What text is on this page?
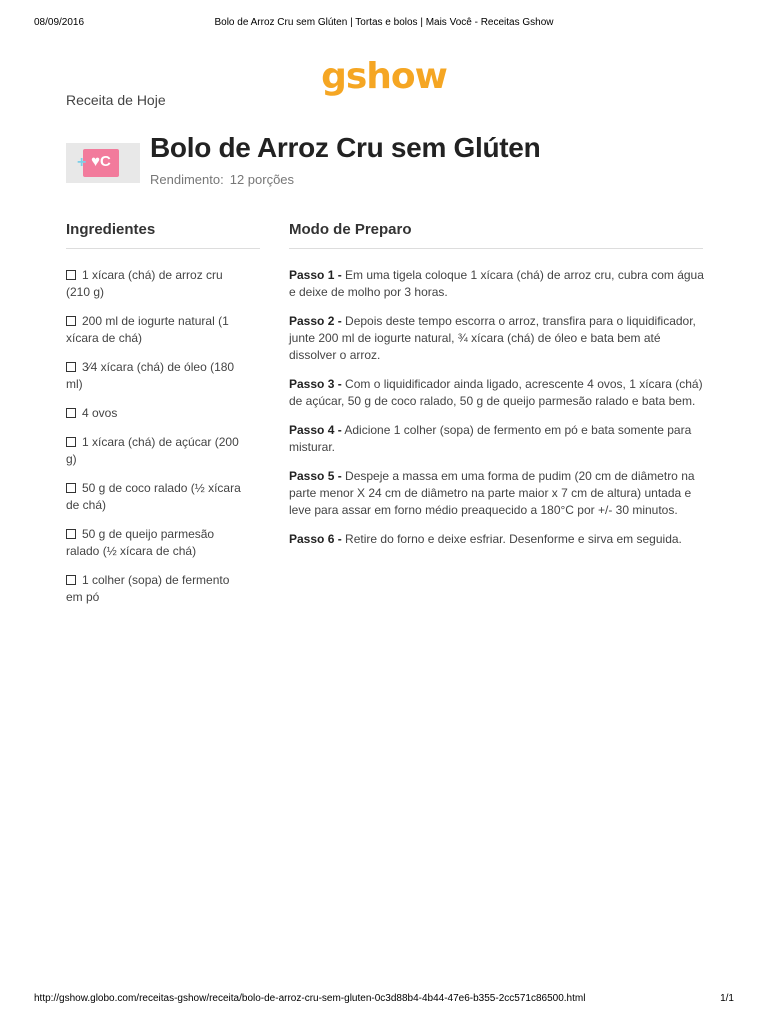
08/09/2016	Bolo de Arroz Cru sem Glúten | Tortas e bolos | Mais Você - Receitas Gshow
gshow
Receita de Hoje
♥C
+ Bolo de Arroz Cru sem Glúten
Rendimento: 12 porções
Ingredientes	Modo de Preparo
1 xícara (chá) de arroz cru (210 g)
200 ml de iogurte natural (1 xícara de chá)
3⁄4 xícara (chá) de óleo (180 ml)
4 ovos
1 xícara (chá) de açúcar (200 g)
50 g de coco ralado (½ xícara de chá)
50 g de queijo parmesão ralado (½ xícara de chá)
1 colher (sopa) de fermento em pó

Passo 1 - Em uma tigela coloque 1 xícara (chá) de arroz cru, cubra com água e deixe de molho por 3 horas.

Passo 2 - Depois deste tempo escorra o arroz, transfira para o liquidificador, junte 200 ml de iogurte natural, ¾ xícara (chá) de óleo e bata bem até dissolver o arroz.

Passo 3 - Com o liquidificador ainda ligado, acrescente 4 ovos, 1 xícara (chá) de açúcar, 50 g de coco ralado, 50 g de queijo parmesão ralado e bata bem.

Passo 4 - Adicione 1 colher (sopa) de fermento em pó e bata somente para misturar.

Passo 5 - Despeje a massa em uma forma de pudim (20 cm de diâmetro na parte menor X 24 cm de diâmetro na parte maior x 7 cm de altura) untada e leve para assar em forno médio preaquecido a 180°C por +/- 30 minutos.

Passo 6 - Retire do forno e deixe esfriar. Desenforme e sirva em seguida.

http://gshow.globo.com/receitas-gshow/receita/bolo-de-arroz-cru-sem-gluten-0c3d88b4-4b44-47e6-b355-2cc571c86500.html	1/1
